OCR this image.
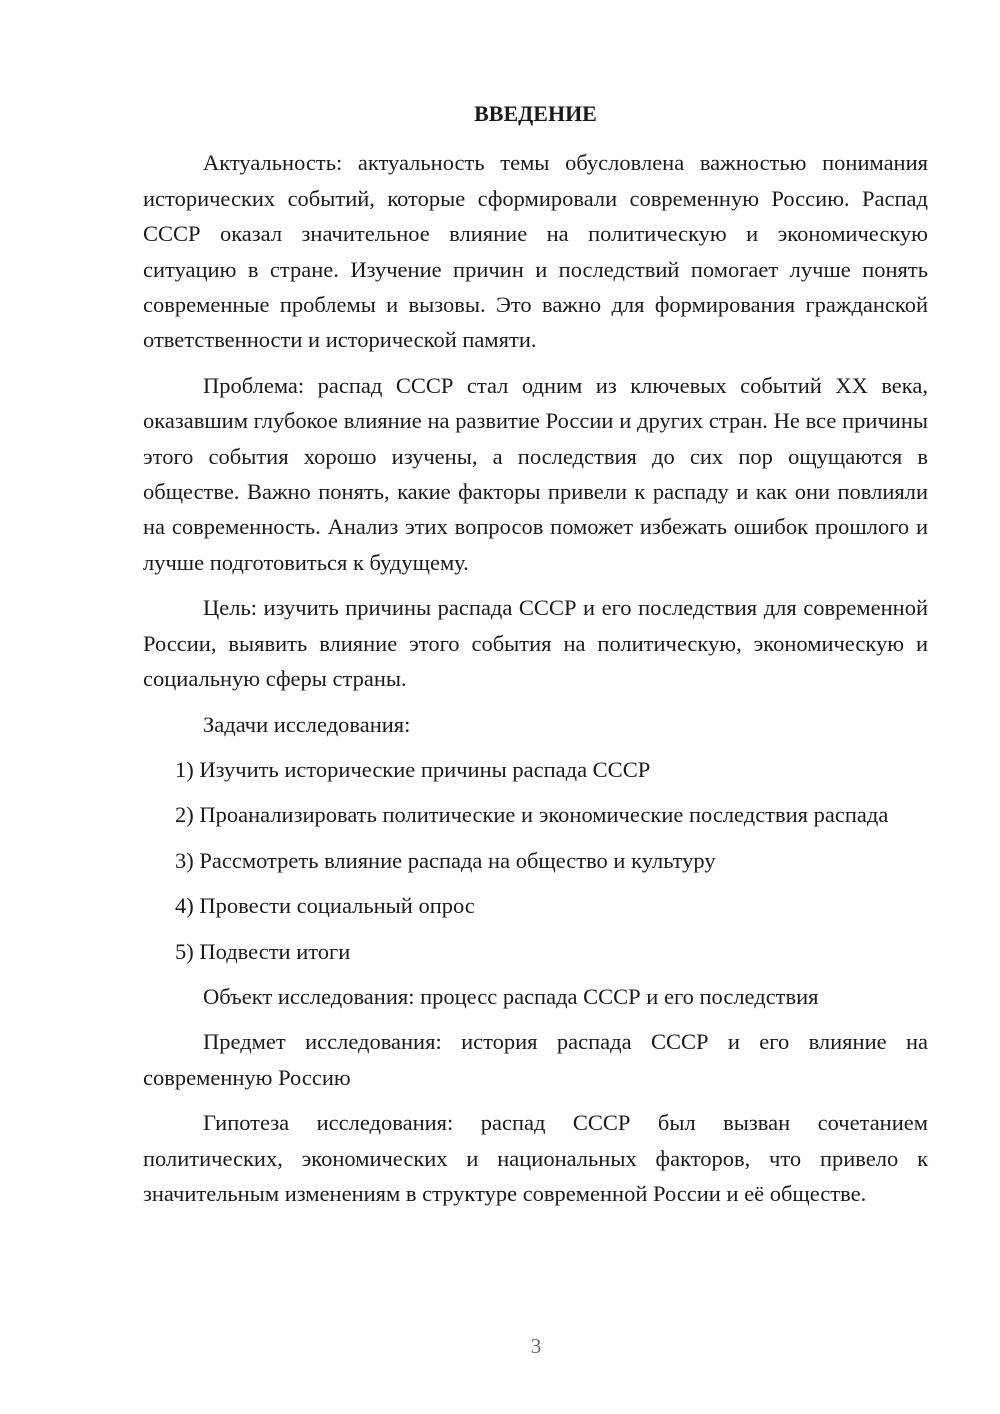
ВВЕДЕНИЕ

Актуальность: актуальность темы обусловлена важностью понимания исторических событий, которые сформировали современную Россию. Распад СССР оказал значительное влияние на политическую и экономическую ситуацию в стране. Изучение причин и последствий помогает лучше понять современные проблемы и вызовы. Это важно для формирования гражданской ответственности и исторической памяти.

Проблема: распад СССР стал одним из ключевых событий XX века, оказавшим глубокое влияние на развитие России и других стран. Не все причины этого события хорошо изучены, а последствия до сих пор ощущаются в обществе. Важно понять, какие факторы привели к распаду и как они повлияли на современность. Анализ этих вопросов поможет избежать ошибок прошлого и лучше подготовиться к будущему.

Цель: изучить причины распада СССР и его последствия для современной России, выявить влияние этого события на политическую, экономическую и социальную сферы страны.

Задачи исследования:

1) Изучить исторические причины распада СССР

2) Проанализировать политические и экономические последствия распада

3) Рассмотреть влияние распада на общество и культуру

4) Провести социальный опрос

5) Подвести итоги

Объект исследования: процесс распада СССР и его последствия

Предмет исследования: история распада СССР и его влияние на современную Россию

Гипотеза исследования: распад СССР был вызван сочетанием политических, экономических и национальных факторов, что привело к значительным изменениям в структуре современной России и её обществе.

3
